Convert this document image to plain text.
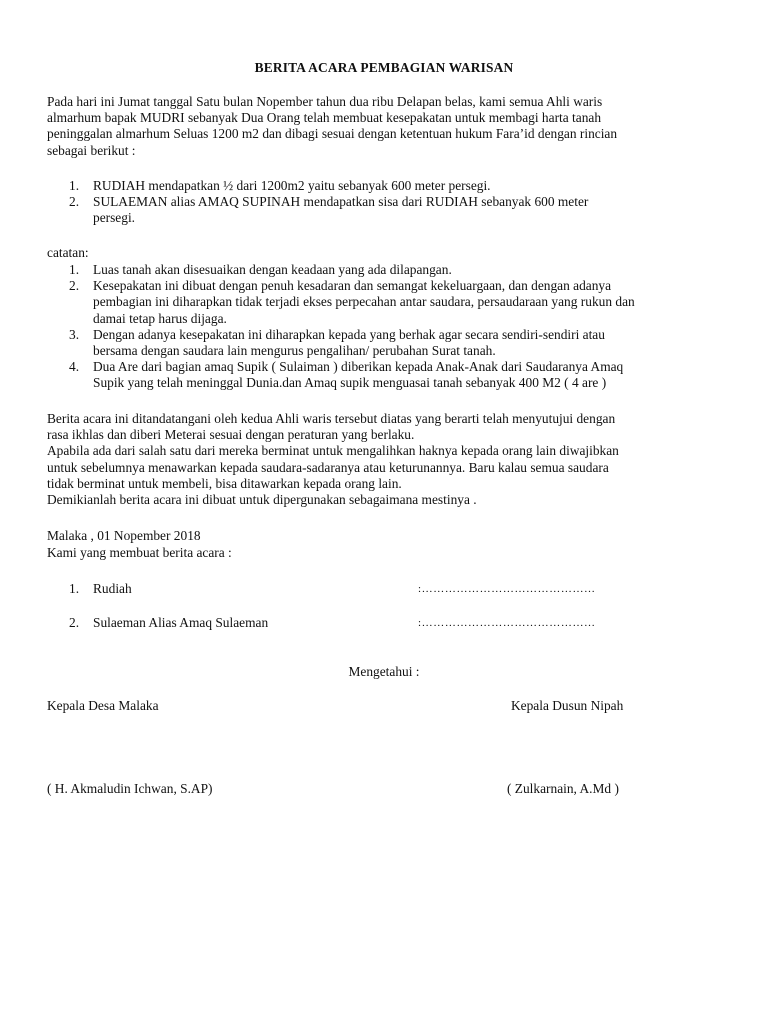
BERITA ACARA PEMBAGIAN WARISAN
Pada hari ini Jumat tanggal Satu bulan Nopember tahun dua ribu Delapan belas, kami semua Ahli waris
almarhum bapak MUDRI sebanyak Dua Orang telah membuat kesepakatan untuk membagi harta tanah
peninggalan almarhum Seluas 1200 m2 dan dibagi sesuai dengan ketentuan hukum Fara’id dengan rincian
sebagai berikut :
1. RUDIAH mendapatkan ½ dari 1200m2 yaitu sebanyak 600 meter persegi.
2. SULAEMAN alias AMAQ SUPINAH mendapatkan sisa dari RUDIAH sebanyak 600 meter
persegi.
catatan:
1. Luas tanah akan disesuaikan dengan keadaan yang ada dilapangan.
2. Kesepakatan ini dibuat dengan penuh kesadaran dan semangat kekeluargaan, dan dengan adanya
pembagian ini diharapkan tidak terjadi ekses perpecahan antar saudara, persaudaraan yang rukun dan
damai tetap harus dijaga.
3. Dengan adanya kesepakatan ini diharapkan kepada yang berhak agar secara sendiri-sendiri atau
bersama dengan saudara lain mengurus pengalihan/ perubahan Surat tanah.
4. Dua Are dari bagian amaq Supik ( Sulaiman ) diberikan kepada Anak-Anak dari Saudaranya Amaq
Supik yang telah meninggal Dunia.dan Amaq supik menguasai tanah sebanyak 400 M2 ( 4 are )
Berita acara ini ditandatangani oleh kedua Ahli waris tersebut diatas yang berarti telah menyutujui dengan
rasa ikhlas dan diberi Meterai sesuai dengan peraturan yang berlaku.
Apabila ada dari salah satu dari mereka berminat untuk mengalihkan haknya kepada orang lain diwajibkan
untuk sebelumnya menawarkan kepada saudara-sadaranya atau keturunannya. Baru kalau semua saudara
tidak berminat untuk membeli, bisa ditawarkan kepada orang lain.
Demikianlah berita acara ini dibuat untuk dipergunakan sebagaimana mestinya .
Malaka , 01 Nopember 2018
Kami yang membuat berita acara :
1. Rudiah	:………………………………………
2. Sulaeman Alias Amaq Sulaeman	:………………………………………
Mengetahui :
Kepala Desa Malaka	Kepala Dusun Nipah
( H. Akmaludin Ichwan, S.AP)	( Zulkarnain, A.Md )
